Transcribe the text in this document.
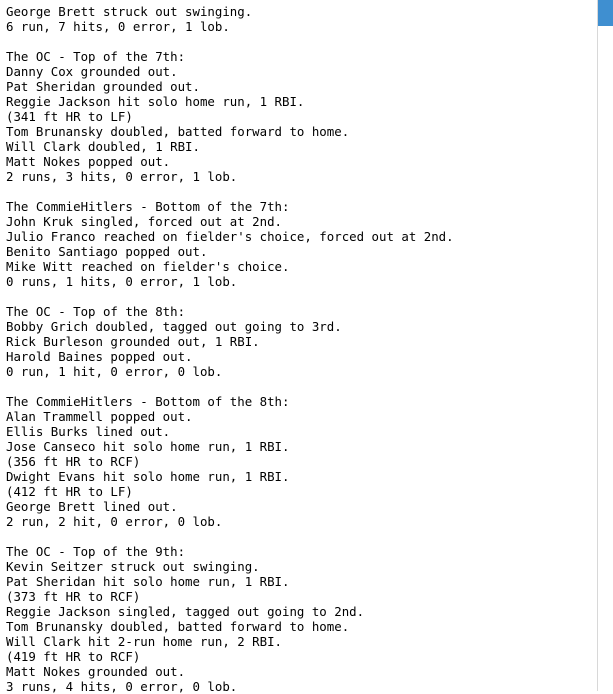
George Brett struck out swinging.
6 run, 7 hits, 0 error, 1 lob.
The OC - Top of the 7th:
Danny Cox grounded out.
Pat Sheridan grounded out.
Reggie Jackson hit solo home run, 1 RBI.
(341 ft HR to LF)
Tom Brunansky doubled, batted forward to home.
Will Clark doubled, 1 RBI.
Matt Nokes popped out.
2 runs, 3 hits, 0 error, 1 lob.
The CommieHitlers - Bottom of the 7th:
John Kruk singled, forced out at 2nd.
Julio Franco reached on fielder's choice, forced out at 2nd.
Benito Santiago popped out.
Mike Witt reached on fielder's choice.
0 runs, 1 hits, 0 error, 1 lob.
The OC - Top of the 8th:
Bobby Grich doubled, tagged out going to 3rd.
Rick Burleson grounded out, 1 RBI.
Harold Baines popped out.
0 run, 1 hit, 0 error, 0 lob.
The CommieHitlers - Bottom of the 8th:
Alan Trammell popped out.
Ellis Burks lined out.
Jose Canseco hit solo home run, 1 RBI.
(356 ft HR to RCF)
Dwight Evans hit solo home run, 1 RBI.
(412 ft HR to LF)
George Brett lined out.
2 run, 2 hit, 0 error, 0 lob.
The OC - Top of the 9th:
Kevin Seitzer struck out swinging.
Pat Sheridan hit solo home run, 1 RBI.
(373 ft HR to RCF)
Reggie Jackson singled, tagged out going to 2nd.
Tom Brunansky doubled, batted forward to home.
Will Clark hit 2-run home run, 2 RBI.
(419 ft HR to RCF)
Matt Nokes grounded out.
3 runs, 4 hits, 0 error, 0 lob.
